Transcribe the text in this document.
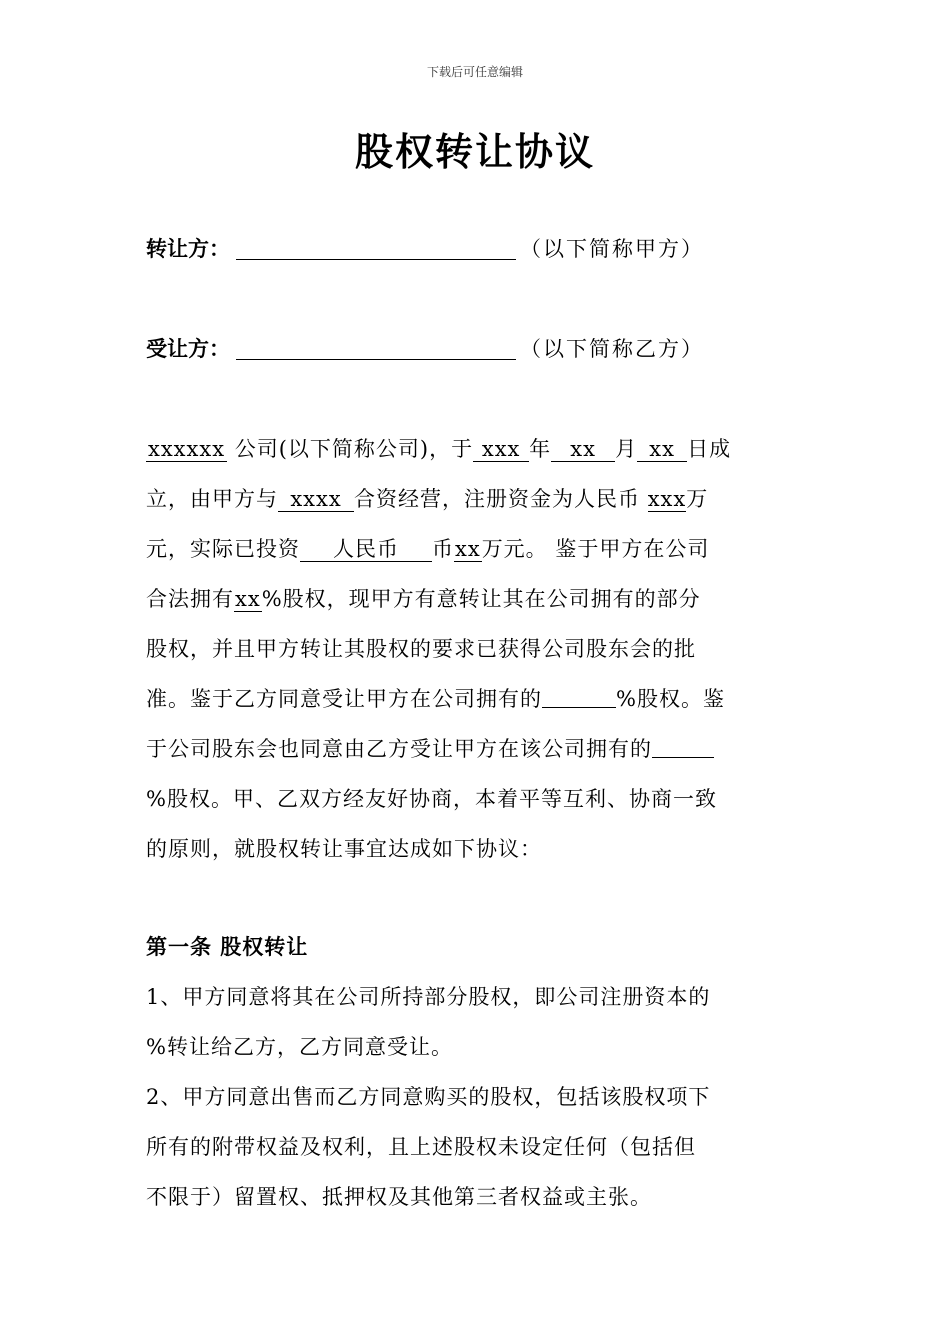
下载后可任意编辑
股权转让协议
转让方：	（以下简称甲方）
受让方：	（以下简称乙方）
xxxxxx 公司(以下简称公司)，于 xxx 年 xx 月 xx 日成
立，由甲方与 xxxx 合资经营，注册资金为人民币 xxx万
元，实际已投资 人民币 币xx万元。 鉴于甲方在公司
合法拥有xx%股权，现甲方有意转让其在公司拥有的部分
股权，并且甲方转让其股权的要求已获得公司股东会的批
准。鉴于乙方同意受让甲方在公司拥有的	%股权。鉴
于公司股东会也同意由乙方受让甲方在该公司拥有的
%股权。甲、乙双方经友好协商，本着平等互利、协商一致
的原则，就股权转让事宜达成如下协议：
第一条 股权转让
1、甲方同意将其在公司所持部分股权，即公司注册资本的
%转让给乙方，乙方同意受让。
2、甲方同意出售而乙方同意购买的股权，包括该股权项下
所有的附带权益及权利，且上述股权未设定任何（包括但
不限于）留置权、抵押权及其他第三者权益或主张。
